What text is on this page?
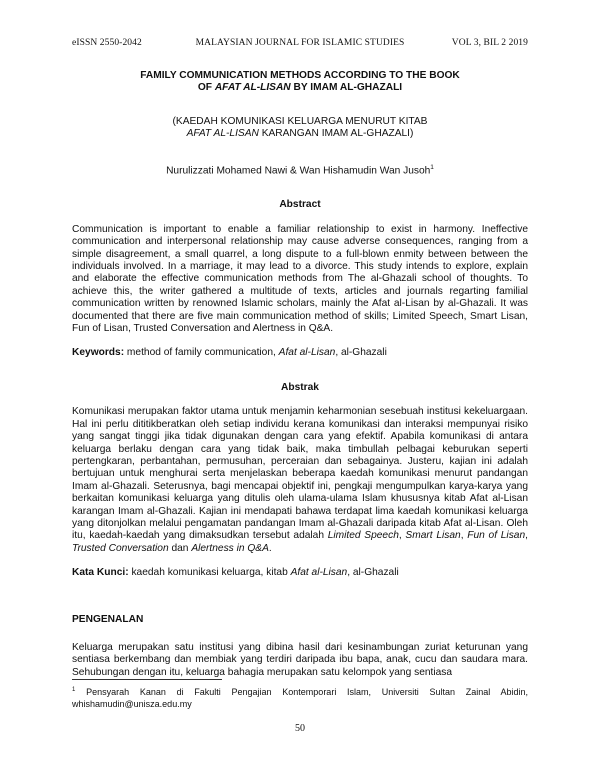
eISSN 2550-2042	MALAYSIAN JOURNAL FOR ISLAMIC STUDIES	VOL 3, BIL 2 2019

FAMILY COMMUNICATION METHODS ACCORDING TO THE BOOK
OF AFAT AL-LISAN BY IMAM AL-GHAZALI

(KAEDAH KOMUNIKASI KELUARGA MENURUT KITAB
AFAT AL-LISAN KARANGAN IMAM AL-GHAZALI)

Nurulizzati Mohamed Nawi & Wan Hishamudin Wan Jusoh$^1$

Abstract

Communication is important to enable a familiar relationship to exist in harmony. Ineffective communication and interpersonal relationship may cause adverse consequences, ranging from a simple disagreement, a small quarrel, a long dispute to a full-blown enmity between between the individuals involved. In a marriage, it may lead to a divorce. This study intends to explore, explain and elaborate the effective communication methods from The al-Ghazali school of thoughts. To achieve this, the writer gathered a multitude of texts, articles and journals regarting familial communication written by renowned Islamic scholars, mainly the Afat al-Lisan by al-Ghazali. It was documented that there are five main communication method of skills; Limited Speech, Smart Lisan, Fun of Lisan, Trusted Conversation and Alertness in Q&A.

Keywords: method of family communication, Afat al-Lisan, al-Ghazali

Abstrak

Komunikasi merupakan faktor utama untuk menjamin keharmonian sesebuah institusi kekeluargaan. Hal ini perlu dititikberatkan oleh setiap individu kerana komunikasi dan interaksi mempunyai risiko yang sangat tinggi jika tidak digunakan dengan cara yang efektif. Apabila komunikasi di antara keluarga berlaku dengan cara yang tidak baik, maka timbullah pelbagai keburukan seperti pertengkaran, perbantahan, permusuhan, perceraian dan sebagainya. Justeru, kajian ini adalah bertujuan untuk menghurai serta menjelaskan beberapa kaedah komunikasi menurut pandangan Imam al-Ghazali. Seterusnya, bagi mencapai objektif ini, pengkaji mengumpulkan karya-karya yang berkaitan komunikasi keluarga yang ditulis oleh ulama-ulama Islam khususnya kitab Afat al-Lisan karangan Imam al-Ghazali. Kajian ini mendapati bahawa terdapat lima kaedah komunikasi keluarga yang ditonjolkan melalui pengamatan pandangan Imam al-Ghazali daripada kitab Afat al-Lisan. Oleh itu, kaedah-kaedah yang dimaksudkan tersebut adalah Limited Speech, Smart Lisan, Fun of Lisan, Trusted Conversation dan Alertness in Q&A.

Kata Kunci: kaedah komunikasi keluarga, kitab Afat al-Lisan, al-Ghazali

PENGENALAN

Keluarga merupakan satu institusi yang dibina hasil dari kesinambungan zuriat keturunan yang sentiasa berkembang dan membiak yang terdiri daripada ibu bapa, anak, cucu dan saudara mara. Sehubungan dengan itu, keluarga bahagia merupakan satu kelompok yang sentiasa

$^1$ Pensyarah Kanan di Fakulti Pengajian Kontemporari Islam, Universiti Sultan Zainal Abidin, whishamudin@unisza.edu.my
50
